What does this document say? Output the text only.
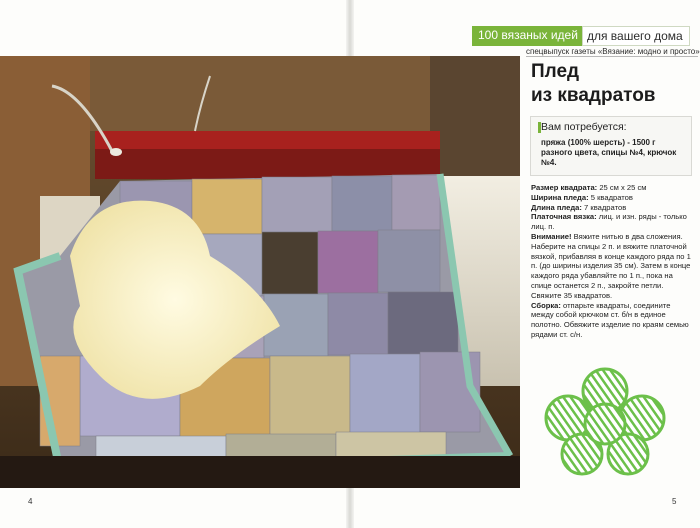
100 вязаных идей для вашего дома
спецвыпуск газеты «Вязание: модно и просто»
Плед
из квадратов
Вам потребуется:
пряжа (100% шерсть) - 1500 г разного цвета, спицы №4, крючок №4.

Размер квадрата: 25 см х 25 см

Ширина пледа: 5 квадратов

Длина пледа: 7 квадратов

Платочная вязка: лиц. и изн. ряды - только лиц. п.

Внимание! Вяжите нитью в два сложения.

Наберите на спицы 2 п. и вяжите платочной вязкой, прибавляя в конце каждого ряда по 1 п. (до ширины изделия 35 см). Затем в конце каждого ряда убавляйте по 1 п., пока на спице останется 2 п., закройте петли. Свяжите 35 квадратов.

Сборка: отпарьте квадраты, соедините между собой крючком ст. б/н в единое полотно. Обвяжите изделие по краям семью рядами ст. с/н.

4	5
